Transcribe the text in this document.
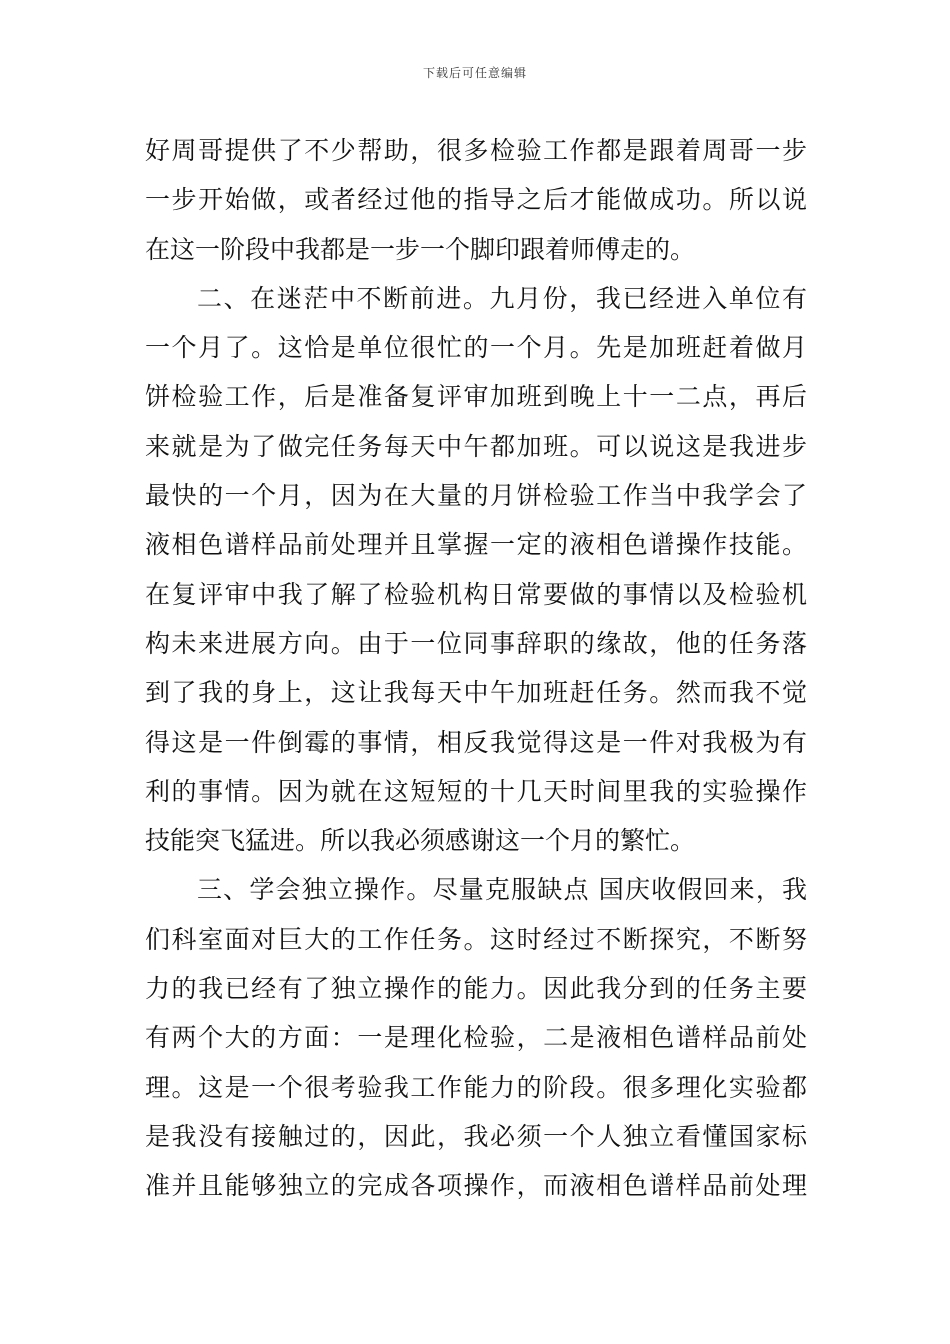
下载后可任意编辑
好周哥提供了不少帮助，很多检验工作都是跟着周哥一步
一步开始做，或者经过他的指导之后才能做成功。所以说
在这一阶段中我都是一步一个脚印跟着师傅走的。
二、在迷茫中不断前进。九月份，我已经进入单位有
一个月了。这恰是单位很忙的一个月。先是加班赶着做月
饼检验工作，后是准备复评审加班到晚上十一二点，再后
来就是为了做完任务每天中午都加班。可以说这是我进步
最快的一个月，因为在大量的月饼检验工作当中我学会了
液相色谱样品前处理并且掌握一定的液相色谱操作技能。
在复评审中我了解了检验机构日常要做的事情以及检验机
构未来进展方向。由于一位同事辞职的缘故，他的任务落
到了我的身上，这让我每天中午加班赶任务。然而我不觉
得这是一件倒霉的事情，相反我觉得这是一件对我极为有
利的事情。因为就在这短短的十几天时间里我的实验操作
技能突飞猛进。所以我必须感谢这一个月的繁忙。
三、学会独立操作。尽量克服缺点 国庆收假回来，我
们科室面对巨大的工作任务。这时经过不断探究，不断努
力的我已经有了独立操作的能力。因此我分到的任务主要
有两个大的方面：一是理化检验，二是液相色谱样品前处
理。这是一个很考验我工作能力的阶段。很多理化实验都
是我没有接触过的，因此，我必须一个人独立看懂国家标
准并且能够独立的完成各项操作，而液相色谱样品前处理
